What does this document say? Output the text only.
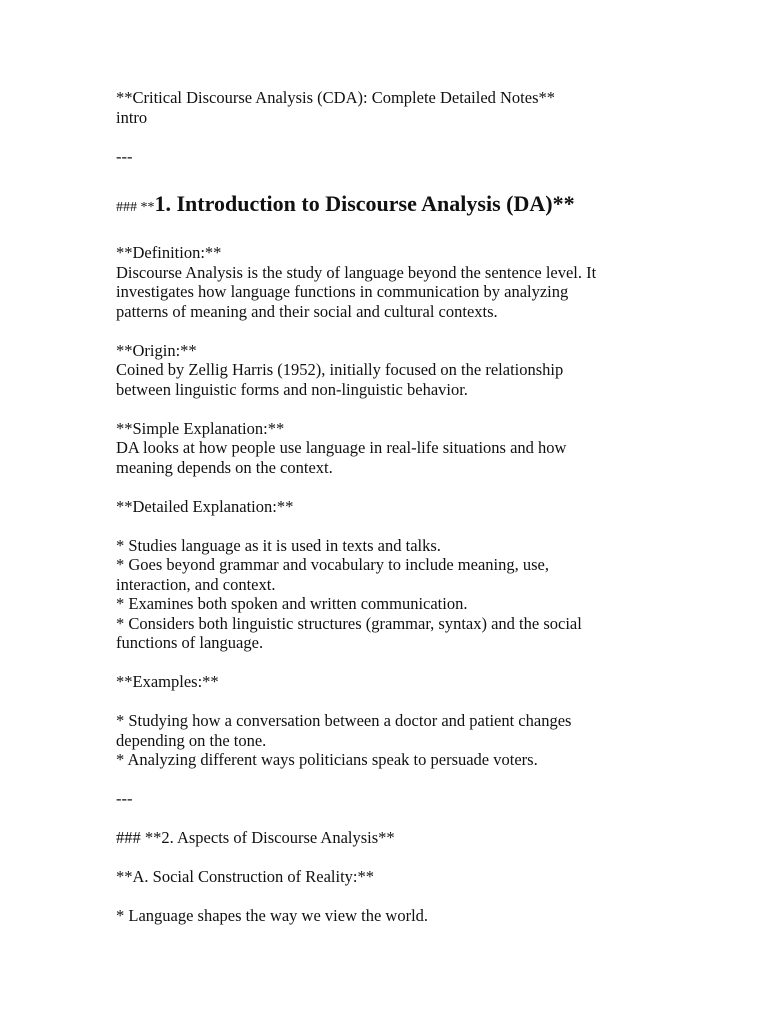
**Critical Discourse Analysis (CDA): Complete Detailed Notes**
intro
---
### **1. Introduction to Discourse Analysis (DA)**
**Definition:**
Discourse Analysis is the study of language beyond the sentence level. It
investigates how language functions in communication by analyzing
patterns of meaning and their social and cultural contexts.
**Origin:**
Coined by Zellig Harris (1952), initially focused on the relationship
between linguistic forms and non-linguistic behavior.
**Simple Explanation:**
DA looks at how people use language in real-life situations and how
meaning depends on the context.
**Detailed Explanation:**
* Studies language as it is used in texts and talks.
* Goes beyond grammar and vocabulary to include meaning, use,
interaction, and context.
* Examines both spoken and written communication.
* Considers both linguistic structures (grammar, syntax) and the social
functions of language.
**Examples:**
* Studying how a conversation between a doctor and patient changes
depending on the tone.
* Analyzing different ways politicians speak to persuade voters.
---
### **2. Aspects of Discourse Analysis**
**A. Social Construction of Reality:**
* Language shapes the way we view the world.
